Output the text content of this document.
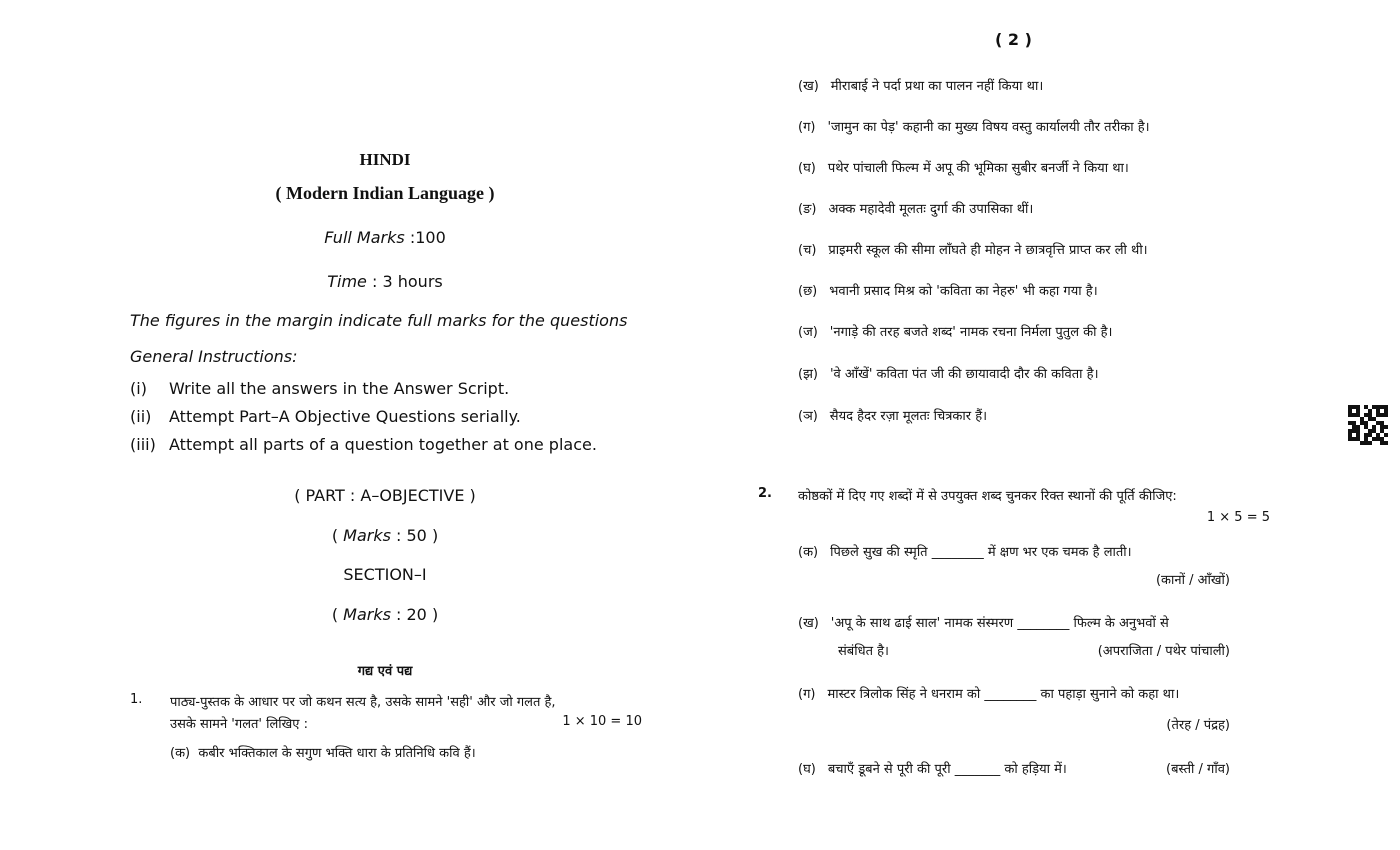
HINDI
( Modern Indian Language )
Full Marks :100
Time : 3 hours
The figures in the margin indicate full marks for the questions
General Instructions:
(i) Write all the answers in the Answer Script.
(ii) Attempt Part–A Objective Questions serially.
(iii) Attempt all parts of a question together at one place.
( PART : A–OBJECTIVE )
( Marks : 50 )
SECTION–I
( Marks : 20 )
गद्य एवं पद्य
1. पाठ्य-पुस्तक के आधार पर जो कथन सत्य है, उसके सामने 'सही' और जो गलत है,
उसके सामने 'गलत' लिखिए :	1 × 10 = 10
(क) कबीर भक्तिकाल के सगुण भक्ति धारा के प्रतिनिधि कवि हैं।
( 2 )
(ख) मीराबाई ने पर्दा प्रथा का पालन नहीं किया था।
(ग) 'जामुन का पेड़' कहानी का मुख्य विषय वस्तु कार्यालयी तौर तरीका है।
(घ) पथेर पांचाली फिल्म में अपू की भूमिका सुबीर बनर्जी ने किया था।
(ङ) अक्क महादेवी मूलतः दुर्गा की उपासिका थीं।
(च) प्राइमरी स्कूल की सीमा लाँघते ही मोहन ने छात्रवृत्ति प्राप्त कर ली थी।
(छ) भवानी प्रसाद मिश्र को 'कविता का नेहरु' भी कहा गया है।
(ज) 'नगाड़े की तरह बजते शब्द' नामक रचना निर्मला पुतुल की है।
(झ) 'वे आँखें' कविता पंत जी की छायावादी दौर की कविता है।
(ञ) सैयद हैदर रज़ा मूलतः चित्रकार हैं।
2. कोष्ठकों में दिए गए शब्दों में से उपयुक्त शब्द चुनकर रिक्त स्थानों की पूर्ति कीजिए:
1 × 5 = 5
(क) पिछले सुख की स्मृति ________ में क्षण भर एक चमक है लाती।
(कानों / आँखों)
(ख) 'अपू के साथ ढाई साल' नामक संस्मरण ________ फिल्म के अनुभवों से
संबंधित है।	(अपराजिता / पथेर पांचाली)
(ग) मास्टर त्रिलोक सिंह ने धनराम को ________ का पहाड़ा सुनाने को कहा था।
(तेरह / पंद्रह)
(घ) बचाएँ डूबने से पूरी की पूरी _______ को हड़िया में।	(बस्ती / गाँव)
